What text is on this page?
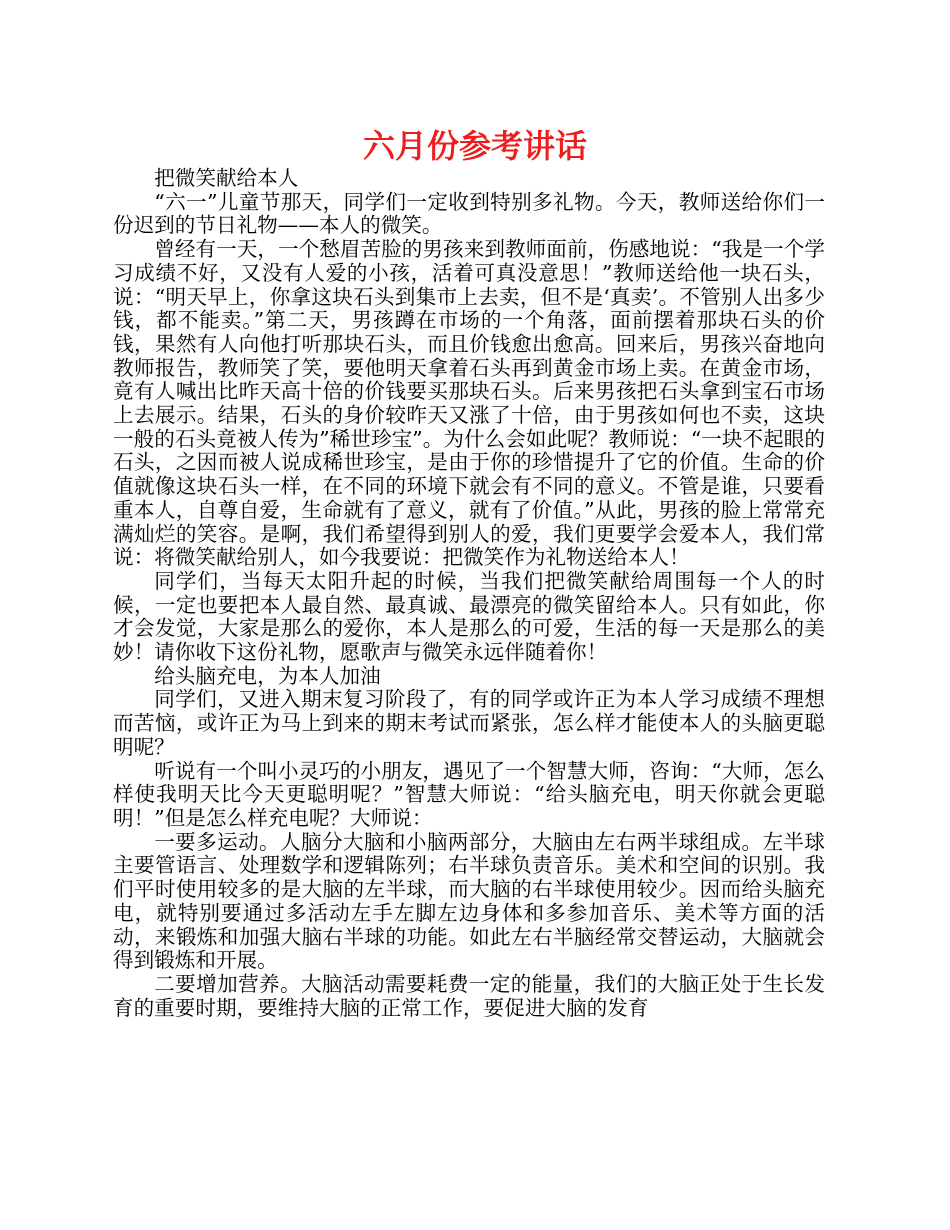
六月份参考讲话

把微笑献给本人

“六一”儿童节那天，同学们一定收到特别多礼物。今天，教师送给你们一份迟到的节日礼物——本人的微笑。

曾经有一天，一个愁眉苦脸的男孩来到教师面前，伤感地说：“我是一个学习成绩不好，又没有人爱的小孩，活着可真没意思！”教师送给他一块石头，说：“明天早上，你拿这块石头到集市上去卖，但不是‘真卖’。不管别人出多少钱，都不能卖。”第二天，男孩蹲在市场的一个角落，面前摆着那块石头的价钱，果然有人向他打听那块石头，而且价钱愈出愈高。回来后，男孩兴奋地向教师报告，教师笑了笑，要他明天拿着石头再到黄金市场上卖。在黄金市场，竟有人喊出比昨天高十倍的价钱要买那块石头。后来男孩把石头拿到宝石市场上去展示。结果，石头的身价较昨天又涨了十倍，由于男孩如何也不卖，这块一般的石头竟被人传为”稀世珍宝”。为什么会如此呢？教师说：“一块不起眼的石头，之因而被人说成稀世珍宝，是由于你的珍惜提升了它的价值。生命的价值就像这块石头一样，在不同的环境下就会有不同的意义。不管是谁，只要看重本人，自尊自爱，生命就有了意义，就有了价值。”从此，男孩的脸上常常充满灿烂的笑容。是啊，我们希望得到别人的爱，我们更要学会爱本人，我们常说：将微笑献给别人，如今我要说：把微笑作为礼物送给本人！

同学们，当每天太阳升起的时候，当我们把微笑献给周围每一个人的时候，一定也要把本人最自然、最真诚、最漂亮的微笑留给本人。只有如此，你才会发觉，大家是那么的爱你，本人是那么的可爱，生活的每一天是那么的美妙！请你收下这份礼物，愿歌声与微笑永远伴随着你！

给头脑充电，为本人加油

同学们，又进入期末复习阶段了，有的同学或许正为本人学习成绩不理想而苦恼，或许正为马上到来的期末考试而紧张，怎么样才能使本人的头脑更聪明呢？

听说有一个叫小灵巧的小朋友，遇见了一个智慧大师，咨询：“大师，怎么样使我明天比今天更聪明呢？”智慧大师说：“给头脑充电，明天你就会更聪明！”但是怎么样充电呢？大师说：

一要多运动。人脑分大脑和小脑两部分，大脑由左右两半球组成。左半球主要管语言、处理数学和逻辑陈列；右半球负责音乐。美术和空间的识别。我们平时使用较多的是大脑的左半球，而大脑的右半球使用较少。因而给头脑充电，就特别要通过多活动左手左脚左边身体和多参加音乐、美术等方面的活动，来锻炼和加强大脑右半球的功能。如此左右半脑经常交替运动，大脑就会得到锻炼和开展。

二要增加营养。大脑活动需要耗费一定的能量，我们的大脑正处于生长发育的重要时期，要维持大脑的正常工作，要促进大脑的发育
